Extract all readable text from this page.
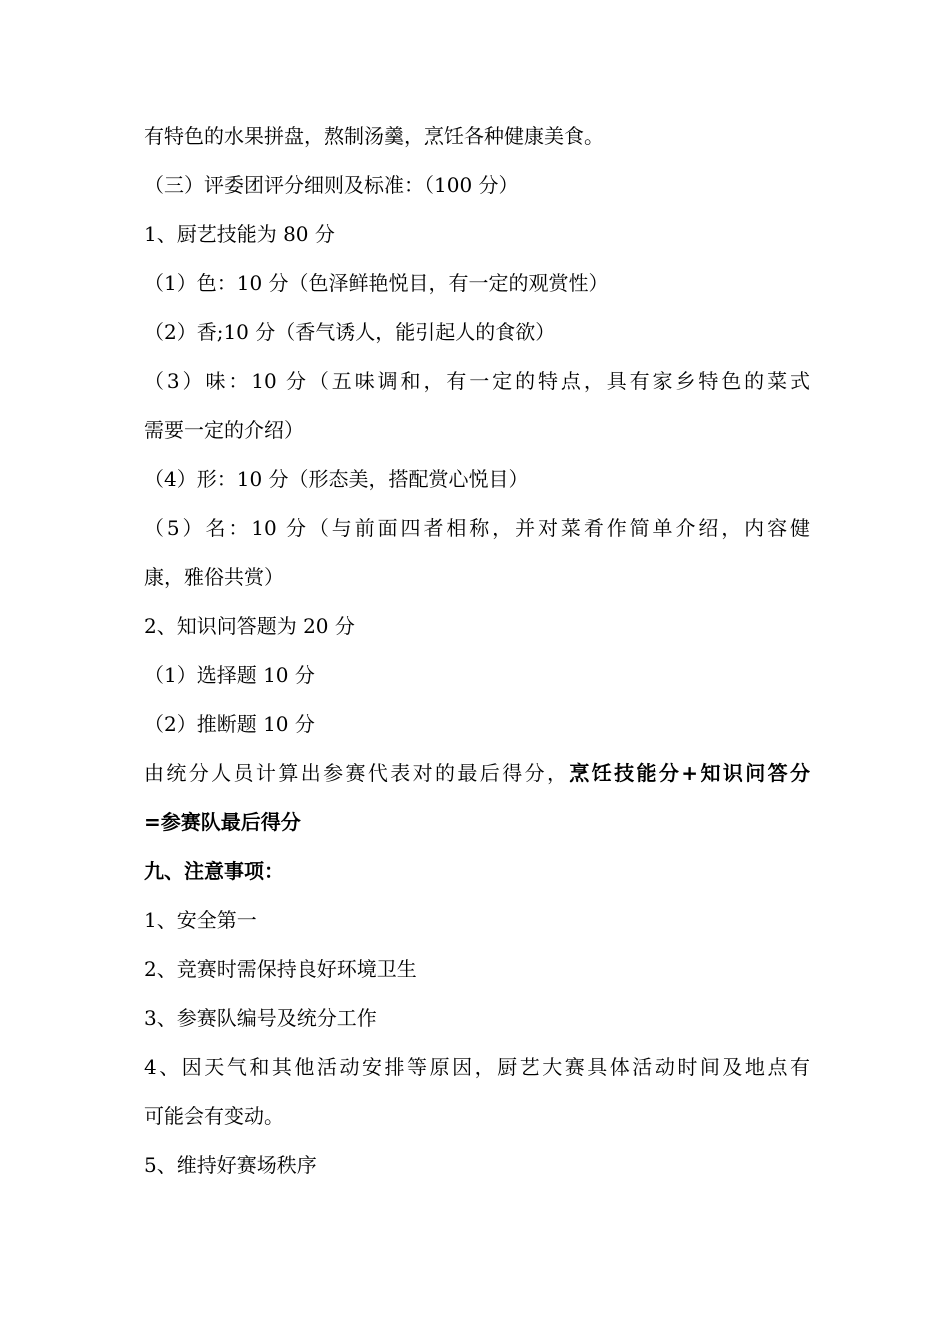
有特色的水果拼盘，熬制汤羹，烹饪各种健康美食。
（三）评委团评分细则及标准：（100 分）
1、厨艺技能为 80 分
（1）色：10 分（色泽鲜艳悦目，有一定的观赏性）
（2）香;10 分（香气诱人，能引起人的食欲）
（3）味：10 分（五味调和，有一定的特点，具有家乡特色的菜式
需要一定的介绍）
（4）形：10 分（形态美，搭配赏心悦目）
（5）名：10 分（与前面四者相称，并对菜肴作简单介绍，内容健
康，雅俗共赏）
2、知识问答题为 20 分
（1）选择题 10 分
（2）推断题 10 分
由统分人员计算出参赛代表对的最后得分，烹饪技能分+知识问答分
=参赛队最后得分
九、注意事项：
1、安全第一
2、竞赛时需保持良好环境卫生
3、参赛队编号及统分工作
4、因天气和其他活动安排等原因，厨艺大赛具体活动时间及地点有
可能会有变动。
5、维持好赛场秩序
